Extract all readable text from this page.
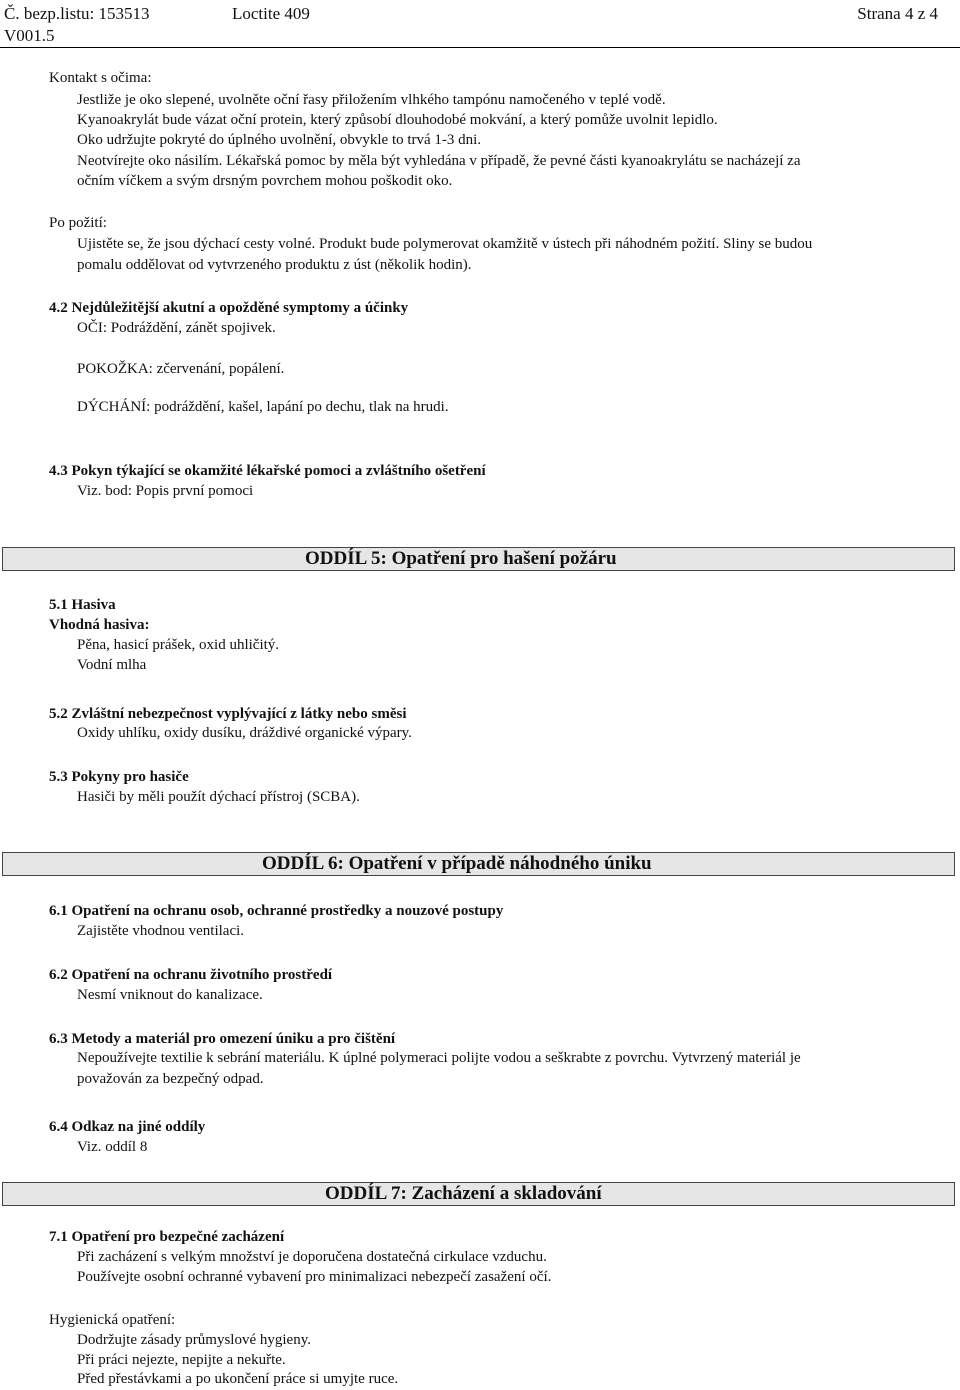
Č. bezp.listu: 153513	Loctite 409	Strana 4 z 4
V001.5
Kontakt s očima:
Jestliže je oko slepené, uvolněte oční řasy přiložením vlhkého tampónu namočeného v teplé vodě.
Kyanoakrylát bude vázat oční protein, který způsobí dlouhodobé mokvání, a který pomůže uvolnit lepidlo.
Oko udržujte pokryté do úplného uvolnění, obvykle to trvá 1-3 dni.
Neotvírejte oko násilím. Lékařská pomoc by měla být vyhledána v případě, že pevné části kyanoakrylátu se nacházejí za
očním víčkem a svým drsným povrchem mohou poškodit oko.
Po požití:
Ujistěte se, že jsou dýchací cesty volné. Produkt bude polymerovat okamžitě v ústech při náhodném požití. Sliny se budou
pomalu oddělovat od vytvrzeného produktu z úst (několik hodin).
4.2 Nejdůležitější akutní a opožděné symptomy a účinky
OČI: Podráždění, zánět spojivek.
POKOŽKA: zčervenání, popálení.
DÝCHÁNÍ: podráždění, kašel, lapání po dechu, tlak na hrudi.
4.3 Pokyn týkající se okamžité lékařské pomoci a zvláštního ošetření
Viz. bod: Popis první pomoci
ODDÍL 5: Opatření pro hašení požáru
5.1 Hasiva
Vhodná hasiva:
Pěna, hasicí prášek, oxid uhličitý.
Vodní mlha
5.2 Zvláštní nebezpečnost vyplývající z látky nebo směsi
Oxidy uhlíku, oxidy dusíku, dráždivé organické výpary.
5.3 Pokyny pro hasiče
Hasiči by měli použít dýchací přístroj (SCBA).
ODDÍL 6: Opatření v případě náhodného úniku
6.1 Opatření na ochranu osob, ochranné prostředky a nouzové postupy
Zajistěte vhodnou ventilaci.
6.2 Opatření na ochranu životního prostředí
Nesmí vniknout do kanalizace.
6.3 Metody a materiál pro omezení úniku a pro čištění
Nepoužívejte textilie k sebrání materiálu. K úplné polymeraci polijte vodou a seškrabte z povrchu. Vytvrzený materiál je
považován za bezpečný odpad.
6.4 Odkaz na jiné oddíly
Viz. oddíl 8
ODDÍL 7: Zacházení a skladování
7.1 Opatření pro bezpečné zacházení
Při zacházení s velkým množství je doporučena dostatečná cirkulace vzduchu.
Používejte osobní ochranné vybavení pro minimalizaci nebezpečí zasažení očí.
Hygienická opatření:
Dodržujte zásady průmyslové hygieny.
Při práci nejezte, nepijte a nekuřte.
Před přestávkami a po ukončení práce si umyjte ruce.
